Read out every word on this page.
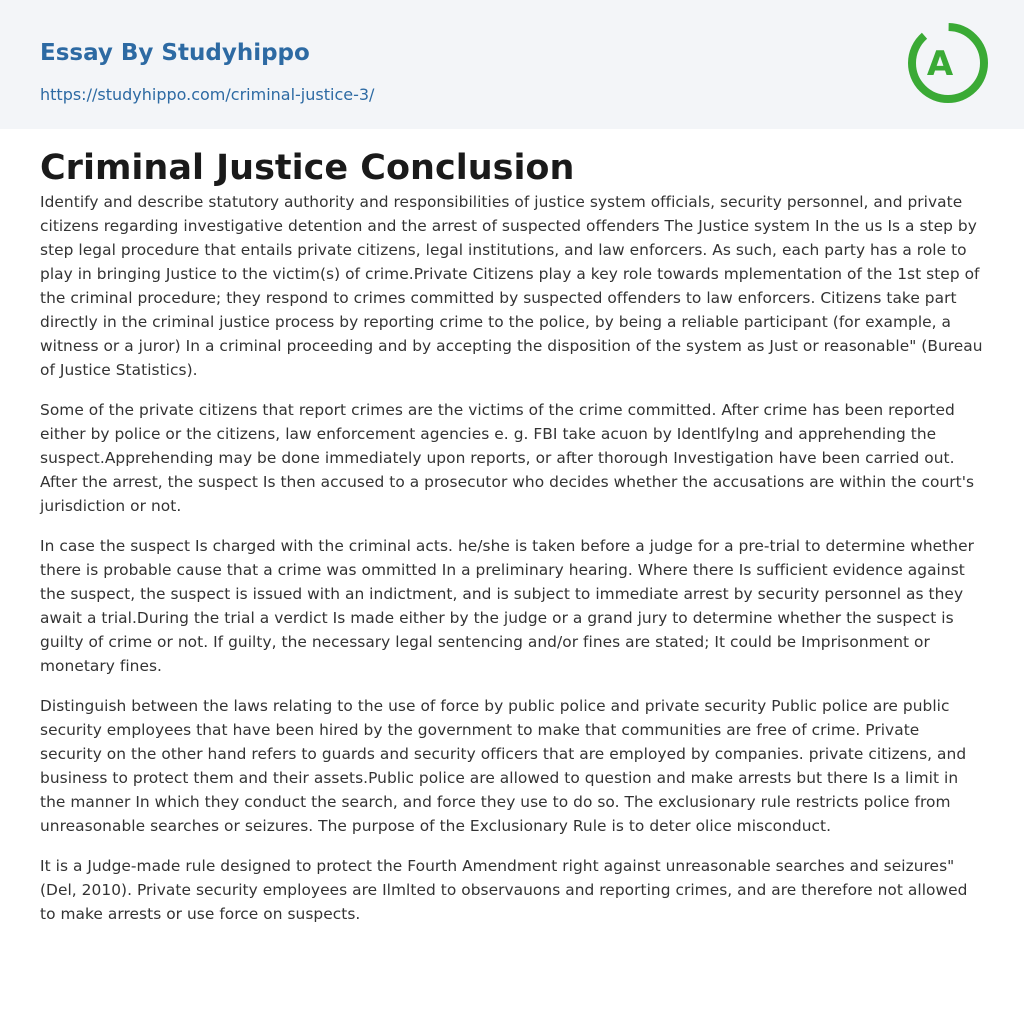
Essay By Studyhippo
https://studyhippo.com/criminal-justice-3/
A
Criminal Justice Conclusion

Identify and describe statutory authority and responsibilities of justice system officials, security personnel, and private citizens regarding investigative detention and the arrest of suspected offenders The Justice system In the us Is a step by step legal procedure that entails private citizens, legal institutions, and law enforcers. As such, each party has a role to play in bringing Justice to the victim(s) of crime.Private Citizens play a key role towards mplementation of the 1st step of the criminal procedure; they respond to crimes committed by suspected offenders to law enforcers. Citizens take part directly in the criminal justice process by reporting crime to the police, by being a reliable participant (for example, a witness or a juror) In a criminal proceeding and by accepting the disposition of the system as Just or reasonable" (Bureau of Justice Statistics).

Some of the private citizens that report crimes are the victims of the crime committed. After crime has been reported either by police or the citizens, law enforcement agencies e. g. FBI take acuon by Identlfylng and apprehending the suspect.Apprehending may be done immediately upon reports, or after thorough Investigation have been carried out. After the arrest, the suspect Is then accused to a prosecutor who decides whether the accusations are within the court's jurisdiction or not.

In case the suspect Is charged with the criminal acts. he/she is taken before a judge for a pre-trial to determine whether there is probable cause that a crime was ommitted In a preliminary hearing. Where there Is sufficient evidence against the suspect, the suspect is issued with an indictment, and is subject to immediate arrest by security personnel as they await a trial.During the trial a verdict Is made either by the judge or a grand jury to determine whether the suspect is guilty of crime or not. If guilty, the necessary legal sentencing and/or fines are stated; It could be Imprisonment or monetary fines.

Distinguish between the laws relating to the use of force by public police and private security Public police are public security employees that have been hired by the government to make that communities are free of crime. Private security on the other hand refers to guards and security officers that are employed by companies. private citizens, and business to protect them and their assets.Public police are allowed to question and make arrests but there Is a limit in the manner In which they conduct the search, and force they use to do so. The exclusionary rule restricts police from unreasonable searches or seizures. The purpose of the Exclusionary Rule is to deter olice misconduct.

It is a Judge-made rule designed to protect the Fourth Amendment right against unreasonable searches and seizures" (Del, 2010). Private security employees are Ilmlted to observauons and reporting crimes, and are therefore not allowed to make arrests or use force on suspects.
